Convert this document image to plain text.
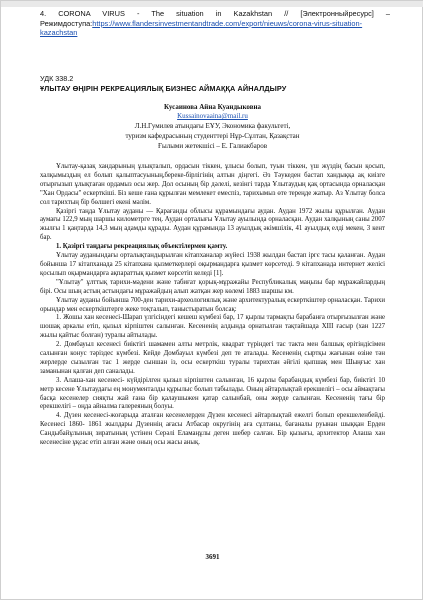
4. CORONA VIRUS - The situation in Kazakhstan // [Электронныйресурс] – Режимдоступа:https://www.flandersinvestmentandtrade.com/export/nieuws/corona-virus-situation-kazachstan
УДК 338.2
ҰЛЫТАУ ӨҢІРІН РЕКРЕАЦИЯЛЫҚ БИЗНЕС АЙМАҚҚА АЙНАЛДЫРУ
Кусаинова Айна Куандыковна
Kussainovaaina@mail.ru
Л.Н.Гумилев атындағы ЕҰУ, Экономика факультеті,
туризм кафедрасының студенттері Нұр-Сұлтан, Қазақстан
Ғылыми жетекшісі – Е. Галиакбаров

Ұлытау-қазақ хандарының ұлықталып, ордасын тіккен, ұлысы болып, туын тіккен, үш жүздің басын қосып, халқымыздың ел болып қалыптасуының,береке-бірлігінің алтын діңгегі. Әз Тәукеден бастап хандыққа ақ киізге отырғызып ұлықтаған ордамыз осы жер. Дол осының бір дәлелі, кезінгі тарда Ұлытаудың қақ ортасында орналасқан "Хан Ордасы" ескерткіші. Біз кеше ғана құрылған мемлекет емеспіз, тарихымыз өте тереңде жатыр. Аз Ұлытау болса сол тарихтың бір бөлшегі екені мәлім.

Қазіргі таңда Ұлытау ауданы — Қарағанды облысы құрамындағы аудан. Аудан 1972 жылы құрылған. Аудан аумағы 122,9 мың шаршы километрге тең. Аудан орталығы Ұлытау ауылында орналасқан. Аудан халқының саны 2007 жылғы 1 қаңтарда 14,3 мың адамды құрады. Аудан құрамында 13 ауылдық әкімшілік, 41 ауылдық елді мекен, 3 кент бар.

1. Қазіргі таңдағы рекреациялық объектілермен қамту.

Ұлытау ауданындағы орталықтандырылған кітапханалар жүйесі 1938 жылдан бастап іргє тасы қаланған. Аудан бойынша 17 кітапханада 25 кітапхана қызметкерлері оқырмандарға қызмет көрсетеді. 9 кітапханада интернет желісі қосылып оқырмандарға ақпараттық қызмет көрсетіп келеді [1].

"Ұлытау" ұлттық тарихи-мәдени және табиғат қорық-мұражайы Республикалық маңызы бар мұражайлардың бірі. Осы шың астың астындағы мұражайдың алып жатқан жер көлемі 1883 шаршы км.

Ұлытау ауданы бойынша 700-ден тарихи-археологиялық және архитектуралық ескерткіштер орналасқан. Тарихи орындар мен ескерткіштерге жеке тоқталып, таныстыратын болсақ:

1. Жошы хан кесенесі-Шарап үлгісіндегі кешеш күмбезі бар, 17 қырлы тармақты барабанға отырғызылған және шошақ аркалы етіп, қызыл кірпіштен салынған. Кесененің алдында орнатылған тақтайшада XIII ғасыр (хан 1227 жылы қайтыс болған) туралы айтылады.

2. Домбауыл кесенесі биіктігі шамамен алты метрлік, квадрат түріндегі тас такта мен балшық ерітіндісімен салынған конус тәріздес күмбезі. Кейде Домбауыл күмбезі деп те аталады. Кесененің сыртқы жағынан өзіне тән жерлерде сызылған тас 1 жерде сыншан із, осы ескерткіш туралы тарихтан әйгілі қыпшақ мен Шыңғыс хан заманынан қалған деп саналады.

3. Алаша-хан кесенесі- күйдірілген қызыл кірпіштен салынған, 16 қырлы барабандық күмбезі бар, биіктігі 10 метр кесене Ұлытаудағы ең монументалды құрылыс болып табылады. Оның айтарлықтай ерекшелігі – осы аймақтағы басқа кесенелер сияқты жай ғана бір қалаушыжен қатар салынбай, оны жерде салынған. Кесененің тағы бір ерекшелігі – оңда айналма галереяның болуы.

4. Дүзен кесенесі-жоғарыда аталған кесенелерден Дүзен кесенесі айтарлықтай ежелгі болып ерекшеленбейді. Кесенесі 1860- 1861 жылдары Дүзеннің ағасы Атбасар округінің аға сұлтаны, бағаналы руынан шыққан Ерден Сандыбайұлының зиратының үстінен Серәлі Еламаңұлы деген шебер салған. Бір қызығы, архитектор Алаша хан кесенесіне ұқсас етіп алған және оның осы жасы анық.

3691
